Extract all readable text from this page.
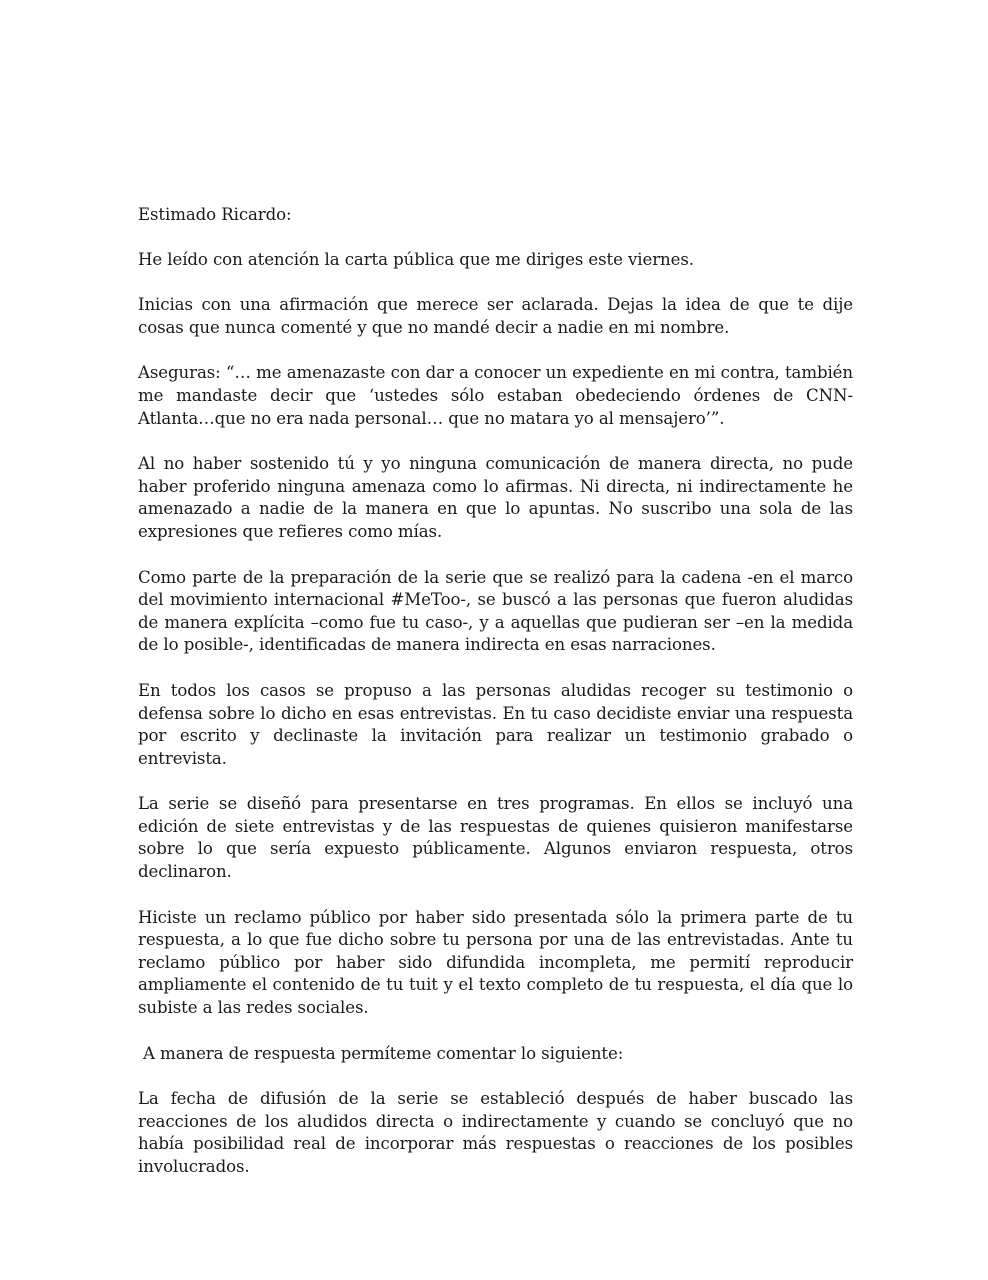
Estimado Ricardo:

He leído con atención la carta pública que me diriges este viernes.

Inicias con una afirmación que merece ser aclarada. Dejas la idea de que te dije cosas que nunca comenté y que no mandé decir a nadie en mi nombre.

Aseguras: “… me amenazaste con dar a conocer un expediente en mi contra, también me mandaste decir que ‘ustedes sólo estaban obedeciendo órdenes de CNN-Atlanta…que no era nada personal… que no matara yo al mensajero’”.

Al no haber sostenido tú y yo ninguna comunicación de manera directa, no pude haber proferido ninguna amenaza como lo afirmas. Ni directa, ni indirectamente he amenazado a nadie de la manera en que lo apuntas. No suscribo una sola de las expresiones que refieres como mías.

Como parte de la preparación de la serie que se realizó para la cadena -en el marco del movimiento internacional #MeToo-, se buscó a las personas que fueron aludidas de manera explícita –como fue tu caso-, y a aquellas que pudieran ser –en la medida de lo posible-, identificadas de manera indirecta en esas narraciones.

En todos los casos se propuso a las personas aludidas recoger su testimonio o defensa sobre lo dicho en esas entrevistas. En tu caso decidiste enviar una respuesta por escrito y declinaste la invitación para realizar un testimonio grabado o entrevista.

La serie se diseñó para presentarse en tres programas. En ellos se incluyó una edición de siete entrevistas y de las respuestas de quienes quisieron manifestarse sobre lo que sería expuesto públicamente. Algunos enviaron respuesta, otros declinaron.

Hiciste un reclamo público por haber sido presentada sólo la primera parte de tu respuesta, a lo que fue dicho sobre tu persona por una de las entrevistadas. Ante tu reclamo público por haber sido difundida incompleta, me permití reproducir ampliamente el contenido de tu tuit y el texto completo de tu respuesta, el día que lo subiste a las redes sociales.

A manera de respuesta permíteme comentar lo siguiente:

La fecha de difusión de la serie se estableció después de haber buscado las reacciones de los aludidos directa o indirectamente y cuando se concluyó que no había posibilidad real de incorporar más respuestas o reacciones de los posibles involucrados.
